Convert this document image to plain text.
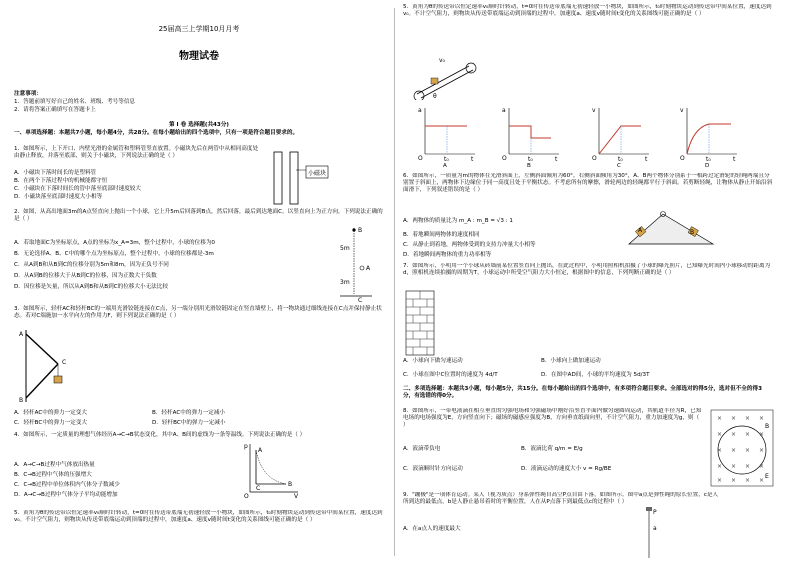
25届高三上学期10月月考
物理试卷
注意事项：
1．答题前填写好自己的姓名、班级、考号等信息
2．请将答案正确填写在答题卡上
第 I 卷 选择题(共43分)
一、单项选择题：本题共7小题，每小题4分，共28分。在每小题给出的四个选项中，只有一项是符合题目要求的。
1．如图所示，上下开口、内壁光滑的金属管和塑料管竖直放置。小磁块先后在两管中从相同高度处由静止释放，并落至底部，则关于小磁块，下列说法正确的是（ ）
A．小磁块下落时间长的是塑料管
B．在两个下落过程中的机械能都守恒
C．小磁块在下落时间长的管中落至底部时速度较大
D．小磁块落至底部时速度大小相等
小磁块
2．如图，从高出地面3m的A点竖直向上抛出一个小球，它上升5m后回落到B点，然后回落，最后到达地面C。以竖直向上为正方向，下列说法正确的是（ ）
A．若取地面C为坐标原点，A点的坐标为x_A=3m，整个过程中，小球的位移为0
B．无论选择A、B、C中的哪个点为坐标原点，整个过程中，小球的位移都是-3m
C．从A到B和从B到C的位移分别为5m和8m，因为正负号不同
D．从A到B的位移大于从B到C的位移，因为正数大于负数
D．因位移是矢量，所以从A到B和从B到C的位移大小无法比较
B
5m
A
3m
C
3．如图所示，轻杆AC和轻杆BC的一端用光滑铰链连接在C点，另一端分别用光滑铰链固定在竖直墙壁上，将一物块通过细线连接在C点并保持静止状态。若对C端施加一水平向左的作用力F，则下列说法正确的是（ ）
A
B
C
A．轻杆AC中的弹力一定变大	B．轻杆AC中的弹力一定减小
C．轻杆BC中的弹力一定变大	D．轻杆BC中的弹力一定减小
4．如图所示，一定质量的理想气体经历A→C→B状态变化，其中A、B间的虚线为一条等温线。下列说法正确的是（ ）
A．A→C→B过程中气体放出热量
B．C→B过程中气体的压强增大
C．C→B过程中单位体积内气体分子数减少
D．A→C→B过程中气体分子平均动能增加
p
A
C
B
O	V
5．黄角为θ的传送带以恒定速率v₀顺时针转动，t=0时在传送带底端无初速轻放一小物块，如图所示，t₀时刻物块运动到传送带中间某位置，速度达到v₀。不计空气阻力，则物块从传送带底端运动到顶端的过程中，加速度a、速度v随时间t变化的关系图线可能正确的是（ ）
5．黄角为θ的传送带以恒定速率v₀顺时针转动，t=0时在传送带底端无初速轻放一小物块，如图所示，t₀时刻物块运动到传送带中间某位置，速度达到v₀。不计空气阻力，则物块从传送带底端运动到顶端的过程中，加速度a、速度v随时间t变化的关系图线可能正确的是（ ）
v₀
θ
a
O	t₀	t
a
O	t₀	t
v
O	t₀	t
v
O	t₀	t
A	B	C	D
6．如图所示，一质量为m的物体在光滑斜面上，左侧斜面倾角为60°，右侧斜面倾角为30°，A、B两个物体分别系于一根跨过定滑轮的轻绳两端且分别置于斜面上，两物体下边缘位于同一高度且处于平衡状态。不考虑所有的摩擦，滑轮两边的轻绳都平行于斜面。若剪断轻绳，让物体从静止开始沿斜面滑下，下列叙述错误的是（ ）
A．两物体的质量比为 m_A : m_B = √3 : 1
B．着地瞬间两物体的速度相同
C．从静止到着地，两物体受到的支持力冲量大小相等
D．着地瞬间两物体的重力功率相等
A	B
7．如图所示，小明用一个小球从砖墙前某位置竖直向上抛出，在此过程中，小明用照相机拍摄了小球的曝光照片，已知曝光时间内小球移动的距离为d，照相机连续拍摄的周期为T，小球运动中所受空气阻力大小恒定，根据图中的信息，下列判断正确的是（ ）
A．小球向下做匀速运动	B．小球向上做加速运动
C．小球在图中C位置时的速度为 4d/T	D．在图中AD间，小球的平均速度为 5d/3T
二、多项选择题：本题共3小题，每小题5分，共15分。在每小题给出的四个选项中，有多项符合题目要求。全部选对的得5分，选对但不全的得3分，有选错的得0分。
8．如图所示，一带电液滴在相互垂直的匀强电场和匀强磁场中刚好沿竖直平面内做匀速圆周运动，其轨道半径为R，已知电场的电场强度为E，方向竖直向下；磁场的磁感应强度为B，方向垂直纸面向里，不计空气阻力，重力加速度为g，则（ ）
A．液滴带负电	B．液滴比荷 q/m = E/g
C．液滴顺时针方向运动	D．液滴运动的速度大小 v = Rg/BE
× × × ×
× × × ×
× × × ×
× × × ×
× × × ×
B
E
9．"蹦极"是一项体育运动。某人（视为质点）身系弹性绳自高空P点自由下落，如图所示。图中a点是弹性绳的原长位置，c是人所到达的最低点，b是人静止悬吊着时的平衡位置，人在从P点落下到最低点c的过程中（ ）
A．在a点人的速度最大
P
a
